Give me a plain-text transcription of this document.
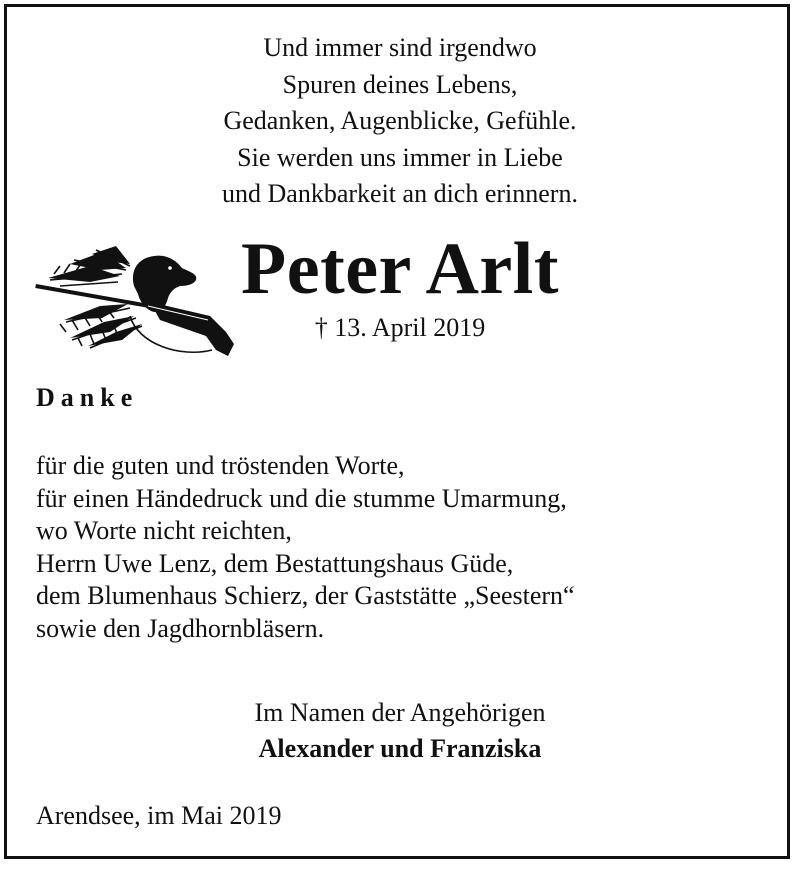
Und immer sind irgendwo
Spuren deines Lebens,
Gedanken, Augenblicke, Gefühle.
Sie werden uns immer in Liebe
und Dankbarkeit an dich erinnern.
Peter Arlt
† 13. April 2019
Danke
für die guten und tröstenden Worte,
für einen Händedruck und die stumme Umarmung,
wo Worte nicht reichten,
Herrn Uwe Lenz, dem Bestattungshaus Güde,
dem Blumenhaus Schierz, der Gaststätte „Seestern“
sowie den Jagdhornbläsern.
Im Namen der Angehörigen
Alexander und Franziska
Arendsee, im Mai 2019
